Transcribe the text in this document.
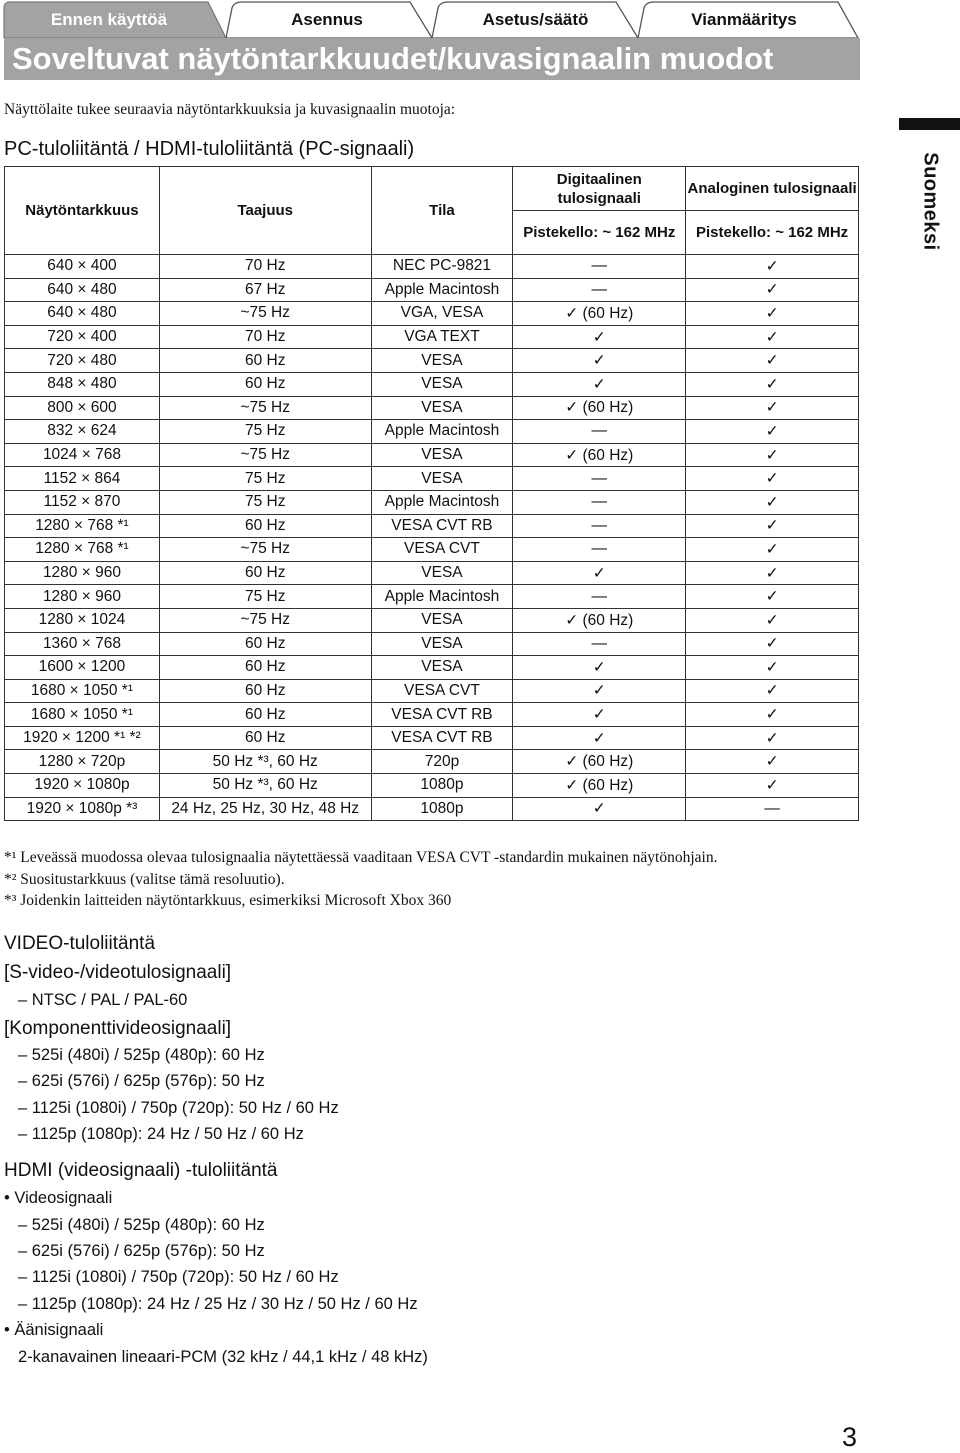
Ennen käyttöä	Asennus	Asetus/säätö	Vianmääritys
Soveltuvat näytöntarkkuudet/kuvasignaalin muodot
Näyttölaite tukee seuraavia näytöntarkkuuksia ja kuvasignaalin muotoja:
PC-tuloliitäntä / HDMI-tuloliitäntä (PC-signaali)
Näytöntarkkuus	Taajuus	Tila	Digitaalinen tulosignaali	Analoginen tulosignaali
			Pistekello: ~ 162 MHz	Pistekello: ~ 162 MHz
640 × 400	70 Hz	NEC PC-9821	—	✓
640 × 480	67 Hz	Apple Macintosh	—	✓
640 × 480	~75 Hz	VGA, VESA	✓ (60 Hz)	✓
720 × 400	70 Hz	VGA TEXT	✓	✓
720 × 480	60 Hz	VESA	✓	✓
848 × 480	60 Hz	VESA	✓	✓
800 × 600	~75 Hz	VESA	✓ (60 Hz)	✓
832 × 624	75 Hz	Apple Macintosh	—	✓
1024 × 768	~75 Hz	VESA	✓ (60 Hz)	✓
1152 × 864	75 Hz	VESA	—	✓
1152 × 870	75 Hz	Apple Macintosh	—	✓
1280 × 768 *¹	60 Hz	VESA CVT RB	—	✓
1280 × 768 *¹	~75 Hz	VESA CVT	—	✓
1280 × 960	60 Hz	VESA	✓	✓
1280 × 960	75 Hz	Apple Macintosh	—	✓
1280 × 1024	~75 Hz	VESA	✓ (60 Hz)	✓
1360 × 768	60 Hz	VESA	—	✓
1600 × 1200	60 Hz	VESA	✓	✓
1680 × 1050 *¹	60 Hz	VESA CVT	✓	✓
1680 × 1050 *¹	60 Hz	VESA CVT RB	✓	✓
1920 × 1200 *¹ *²	60 Hz	VESA CVT RB	✓	✓
1280 × 720p	50 Hz *³, 60 Hz	720p	✓ (60 Hz)	✓
1920 × 1080p	50 Hz *³, 60 Hz	1080p	✓ (60 Hz)	✓
1920 × 1080p *³	24 Hz, 25 Hz, 30 Hz, 48 Hz	1080p	✓	—
Suomeksi
*¹ Leveässä muodossa olevaa tulosignaalia näytettäessä vaaditaan VESA CVT -standardin mukainen näytönohjain.
*² Suositustarkkuus (valitse tämä resoluutio).
*³ Joidenkin laitteiden näytöntarkkuus, esimerkiksi Microsoft Xbox 360
VIDEO-tuloliitäntä
[S-video-/videotulosignaali]
– NTSC / PAL / PAL-60
[Komponenttivideosignaali]
– 525i (480i) / 525p (480p): 60 Hz
– 625i (576i) / 625p (576p): 50 Hz
– 1125i (1080i) / 750p (720p): 50 Hz / 60 Hz
– 1125p (1080p): 24 Hz / 50 Hz / 60 Hz
HDMI (videosignaali) -tuloliitäntä
• Videosignaali
– 525i (480i) / 525p (480p): 60 Hz
– 625i (576i) / 625p (576p): 50 Hz
– 1125i (1080i) / 750p (720p): 50 Hz / 60 Hz
– 1125p (1080p): 24 Hz / 25 Hz / 30 Hz / 50 Hz / 60 Hz
• Äänisignaali
2-kanavainen lineaari-PCM (32 kHz / 44,1 kHz / 48 kHz)
3
